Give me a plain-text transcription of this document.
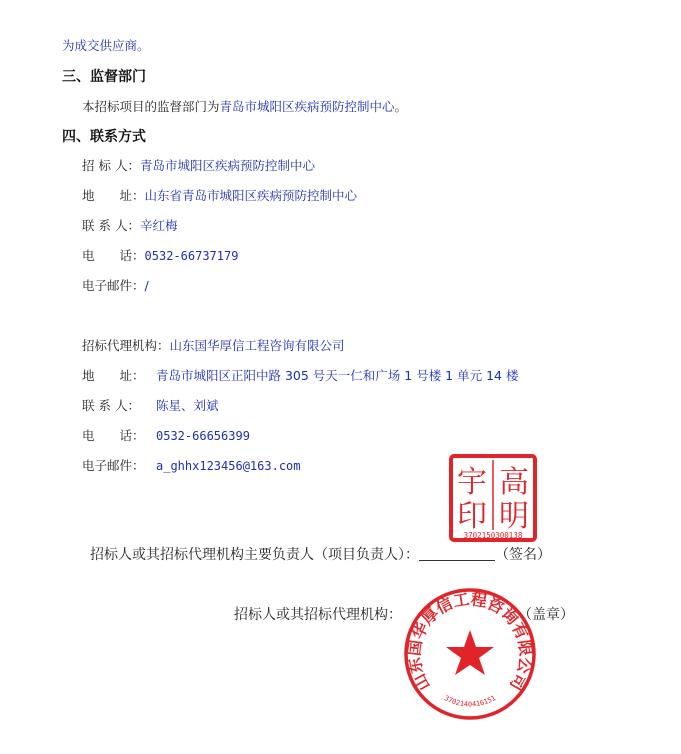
为成交供应商。
三、监督部门
本招标项目的监督部门为青岛市城阳区疾病预防控制中心。
四、联系方式
招 标 人：青岛市城阳区疾病预防控制中心
地　　址：山东省青岛市城阳区疾病预防控制中心
联 系 人：辛红梅
电　　话：0532-66737179
电子邮件：/
招标代理机构：山东国华厚信工程咨询有限公司
地　　址： 青岛市城阳区正阳中路 305 号天一仁和广场 1 号楼 1 单元 14 楼
联 系 人： 陈星、刘斌
电　　话： 0532-66656399
电子邮件： a_ghhx123456@163.com	高
明
宇
印
3702150300138
招标人或其招标代理机构主要负责人（项目负责人）：	（签名）
山东国华厚信工程咨询有限公司
3702140416151
招标人或其招标代理机构：	（盖章）
